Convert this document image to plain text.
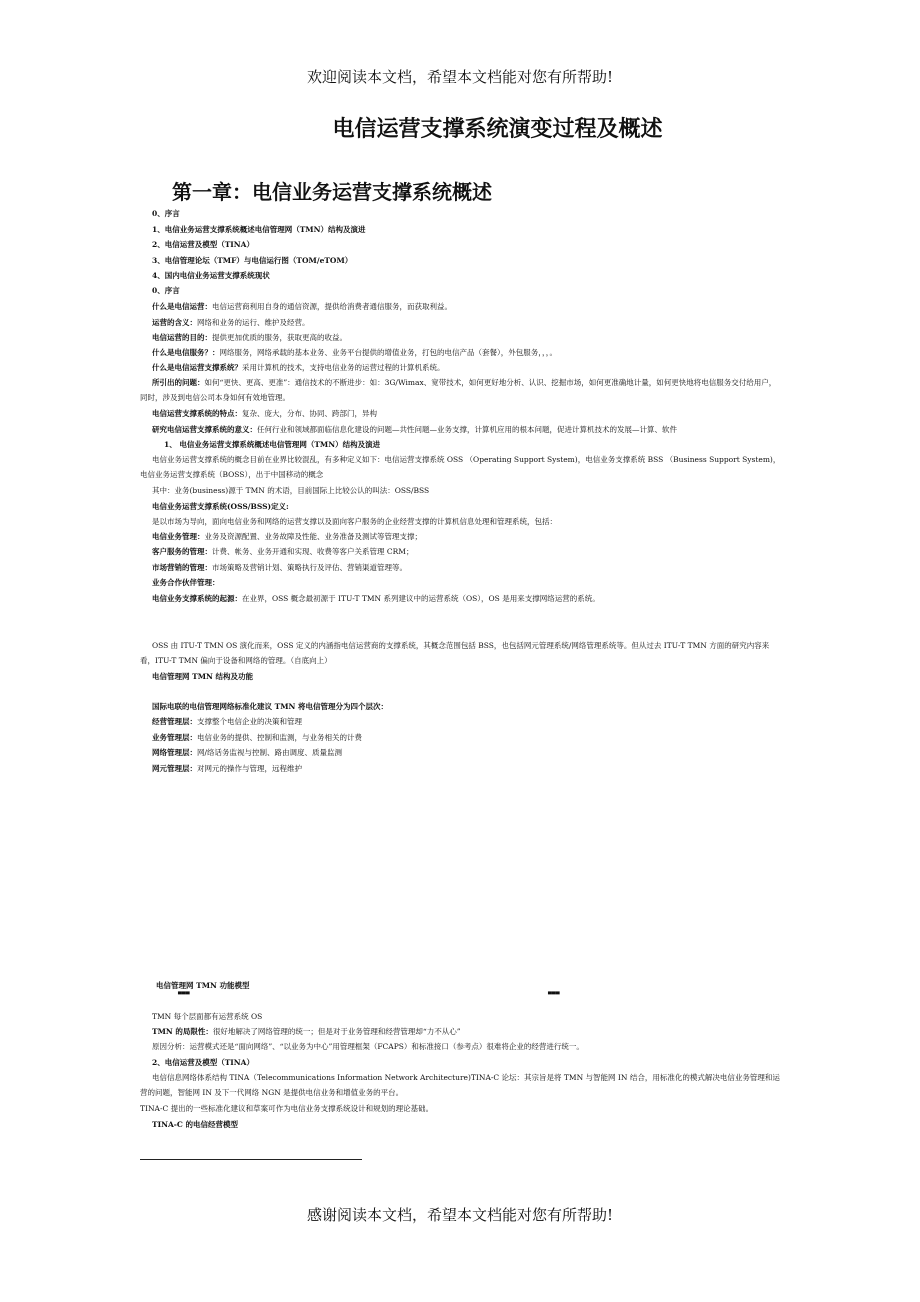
欢迎阅读本文档，希望本文档能对您有所帮助!
电信运营支撑系统演变过程及概述
第一章：电信业务运营支撑系统概述
0、序言
1、电信业务运营支撑系统概述电信管理网（TMN）结构及演进
2、电信运营及模型（TINA）
3、电信管理论坛（TMF）与电信运行图（TOM/eTOM）
4、国内电信业务运营支撑系统现状
0、序言
什么是电信运营：电信运营商利用自身的通信资源，提供给消费者通信服务，而获取利益。
运营的含义：网络和业务的运行、维护及经营。
电信运营的目的：提供更加优质的服务，获取更高的收益。
什么是电信服务？：网络服务，网络承载的基本业务、业务平台提供的增值业务，打包的电信产品（套餐），外包服务，，，。
什么是电信运营支撑系统？采用计算机的技术，支持电信业务的运营过程的计算机系统。
所引出的问题：如何“更快、更高、更准”：通信技术的不断进步：如：3G/Wimax、宽带技术，如何更好地分析、认识、挖掘市场，如何更准确地计量，如何更快地将电信服务交付给用户，同时，涉及到电信公司本身如何有效地管理。
电信运营支撑系统的特点：复杂、庞大，分布、协同、跨部门，异构
研究电信运营支撑系统的意义：任何行业和领域都面临信息化建设的问题—共性问题—业务支撑，计算机应用的根本问题，促进计算机技术的发展—计算、软件
1、 电信业务运营支撑系统概述电信管理网（TMN）结构及演进
电信业务运营支撑系统的概念目前在业界比较混乱，有多种定义如下：电信运营支撑系统 OSS （Operating Support System)，电信业务支撑系统 BSS （Business Support System)，电信业务运营支撑系统（BOSS），出于中国移动的概念
其中：业务(business)源于 TMN 的术语，目前国际上比较公认的叫法：OSS/BSS
电信业务运营支撑系统(OSS/BSS)定义:
是以市场为导向，面向电信业务和网络的运营支撑以及面向客户服务的企业经营支撑的计算机信息处理和管理系统，包括：
电信业务管理：业务及资源配置、业务故障及性能、业务准备及测试等管理支撑；
客户服务的管理：计费、帐务、业务开通和实现、收费等客户关系管理 CRM；
市场营销的管理：市场策略及营销计划、策略执行及评估、营销渠道管理等。
业务合作伙伴管理：
电信业务支撑系统的起源：在业界，OSS 概念最初源于 ITU-T TMN 系列建议中的运营系统（OS），OS 是用来支撑网络运营的系统。
OSS 由 ITU-T TMN OS 演化而来，OSS 定义的内涵指电信运营商的支撑系统，其概念范围包括 BSS，也包括网元管理系统/网络管理系统等。但从过去 ITU-T TMN 方面的研究内容来看，ITU-T TMN 偏向于设备和网络的管理。（自底向上）
电信管理网 TMN 结构及功能
国际电联的电信管理网络标准化建议 TMN 将电信管理分为四个层次：
经营管理层：支撑整个电信企业的决策和管理
业务管理层：电信业务的提供、控制和监测，与业务相关的计费
网络管理层：网/络话务监视与控制、路由调度、质量监测
网元管理层：对网元的操作与管理，远程维护
电信管理网 TMN 功能模型
▀▀▀	▀▀▀
TMN 每个层面都有运营系统 OS
TMN 的局限性：很好地解决了网络管理的统一；但是对于业务管理和经营管理却“力不从心”
原因分析：运营模式还是“面向网络”、“以业务为中心”用管理框架（FCAPS）和标准接口（参考点）很难将企业的经营进行统一。
2、电信运营及模型（TINA）
电信信息网络体系结构 TINA（Telecommunications Information Network Architecture)TINA-C 论坛：其宗旨是将 TMN 与智能网 IN 结合，用标准化的模式解决电信业务管理和运营的问题，智能网 IN 及下一代网络 NGN 是提供电信业务和增值业务的平台。
TINA-C 提出的一些标准化建议和草案可作为电信业务支撑系统设计和规划的理论基础。
TINA-C 的电信经营模型
感谢阅读本文档，希望本文档能对您有所帮助!
